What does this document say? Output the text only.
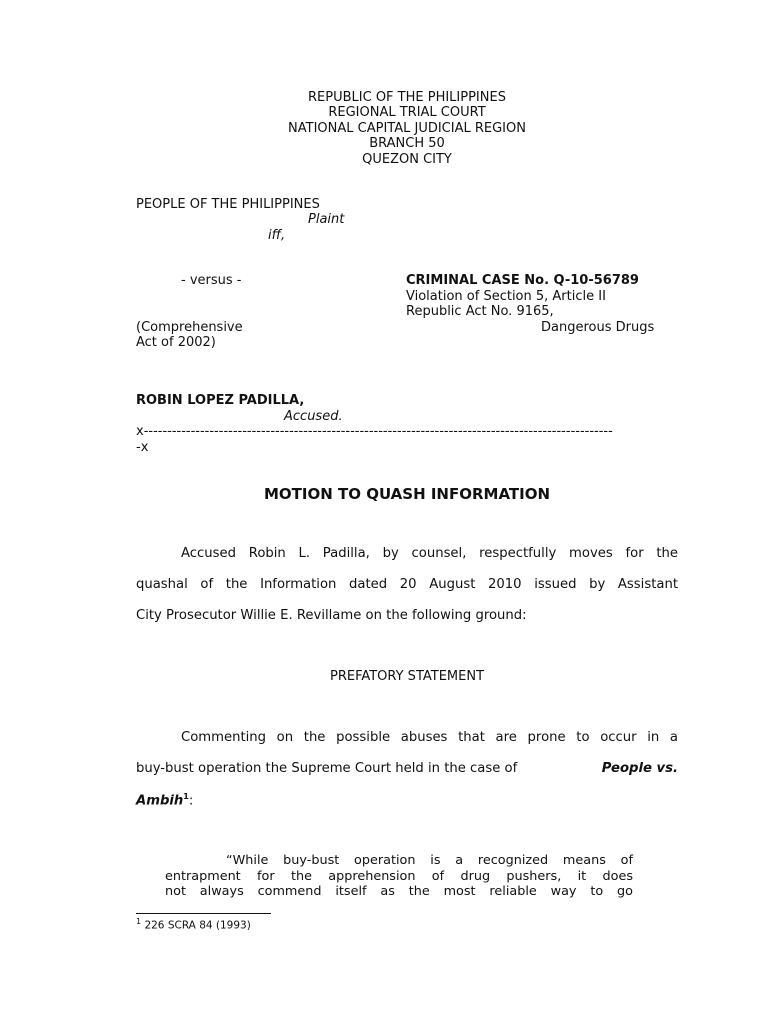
REPUBLIC OF THE PHILIPPINES
REGIONAL TRIAL COURT
NATIONAL CAPITAL JUDICIAL REGION
BRANCH 50
QUEZON CITY
PEOPLE OF THE PHILIPPINES
Plaint
iff,
- versus -	CRIMINAL CASE No. Q-10-56789
Violation of Section 5, Article II
Republic Act No. 9165,
(Comprehensive	Dangerous Drugs
Act of 2002)
ROBIN LOPEZ PADILLA,
Accused.
x----------------------------------------------------------------------------------------------------
-x
MOTION TO QUASH INFORMATION
Accused Robin L. Padilla, by counsel, respectfully moves for the
quashal of the Information dated 20 August 2010 issued by Assistant
City Prosecutor Willie E. Revillame on the following ground:
PREFATORY STATEMENT
Commenting on the possible abuses that are prone to occur in a
buy-bust operation the Supreme Court held in the case of	People vs.
Ambih$^1$:
“While buy-bust operation is a recognized means of
entrapment for the apprehension of drug pushers, it does
not always commend itself as the most reliable way to go
$^1$ 226 SCRA 84 (1993)
